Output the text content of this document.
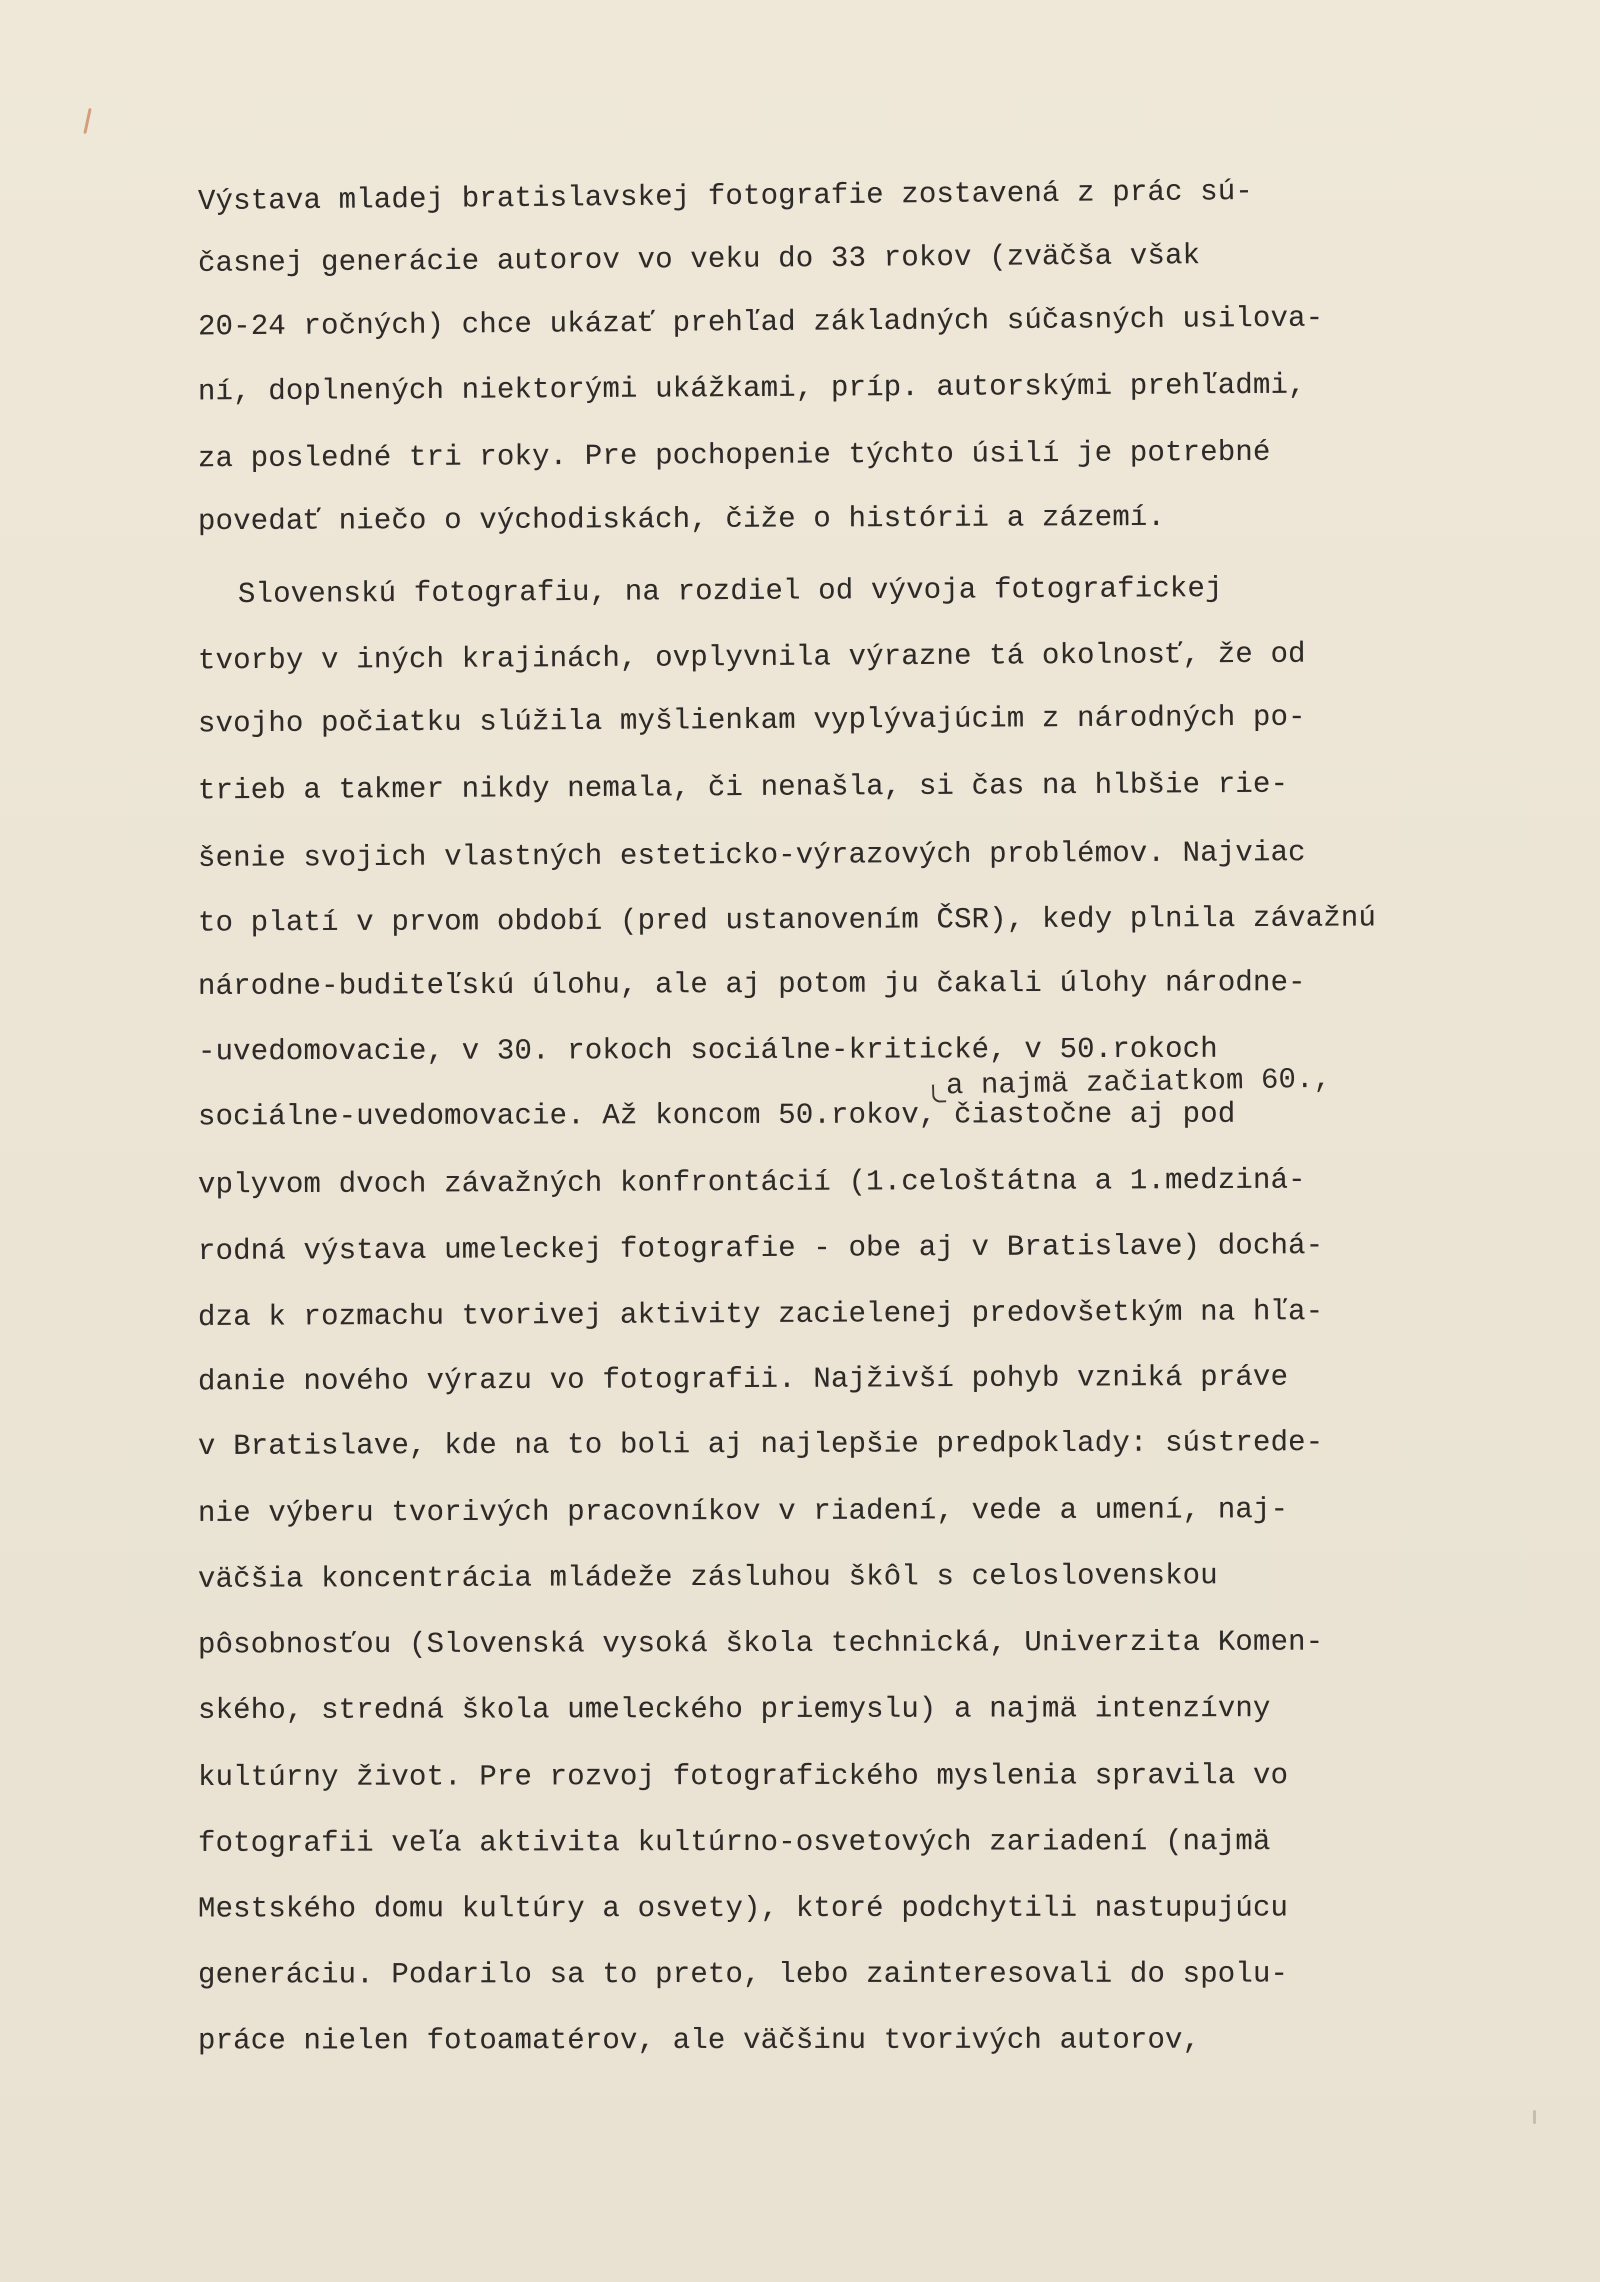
Výstava mladej bratislavskej fotografie zostavená z prác sú-

časnej generácie autorov vo veku do 33 rokov (zväčša však

20-24 ročných) chce ukázať prehľad základných súčasných usilova-

ní, doplnených niektorými ukážkami, príp. autorskými prehľadmi,

za posledné tri roky. Pre pochopenie týchto úsilí je potrebné

povedať niečo o východiskách, čiže o histórii a zázemí.

Slovenskú fotografiu, na rozdiel od vývoja fotografickej

tvorby v iných krajinách, ovplyvnila výrazne tá okolnosť, že od

svojho počiatku slúžila myšlienkam vyplývajúcim z národných po-

trieb a takmer nikdy nemala, či nenašla, si čas na hlbšie rie-

šenie svojich vlastných esteticko-výrazových problémov. Najviac

to platí v prvom období (pred ustanovením ČSR), kedy plnila závažnú

národne-buditeľskú úlohu, ale aj potom ju čakali úlohy národne-

-uvedomovacie, v 30. rokoch sociálne-kritické, v 50.rokoch

a najmä začiatkom 60.,

sociálne-uvedomovacie. Až koncom 50.rokov, čiastočne aj pod

vplyvom dvoch závažných konfrontácií (1.celoštátna a 1.medziná-

rodná výstava umeleckej fotografie - obe aj v Bratislave) dochá-

dza k rozmachu tvorivej aktivity zacielenej predovšetkým na hľa-

danie nového výrazu vo fotografii. Najživší pohyb vzniká práve

v Bratislave, kde na to boli aj najlepšie predpoklady: sústrede-

nie výberu tvorivých pracovníkov v riadení, vede a umení, naj-

väčšia koncentrácia mládeže zásluhou škôl s celoslovenskou

pôsobnosťou (Slovenská vysoká škola technická, Univerzita Komen-

ského, stredná škola umeleckého priemyslu) a najmä intenzívny

kultúrny život. Pre rozvoj fotografického myslenia spravila vo

fotografii veľa aktivita kultúrno-osvetových zariadení (najmä

Mestského domu kultúry a osvety), ktoré podchytili nastupujúcu

generáciu. Podarilo sa to preto, lebo zainteresovali do spolu-

práce nielen fotoamatérov, ale väčšinu tvorivých autorov,
